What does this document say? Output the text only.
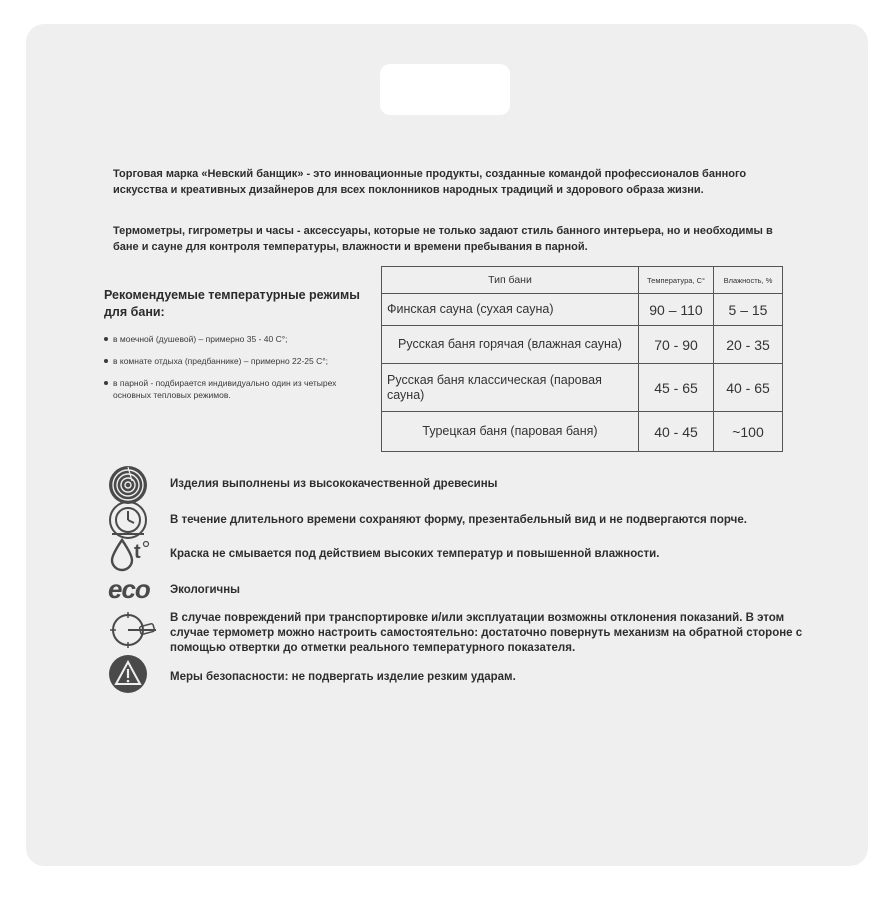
Торговая марка «Невский банщик» - это инновационные продукты, созданные командой профессионалов банного искусства и креативных дизайнеров для всех поклонников народных традиций и здорового образа жизни.

Термометры, гигрометры и часы - аксессуары, которые не только задают стиль банного интерьера, но и необходимы в бане и сауне для контроля температуры, влажности и времени пребывания в парной.

Рекомендуемые температурные режимы для бани:
в моечной (душевой) – примерно 35 - 40 С°;
в комнате отдыха (предбаннике) – примерно 22-25 С°;
в парной - подбирается индивидуально один из четырех основных тепловых режимов.
Тип бани	Температура, С°	Влажность, %
Финская сауна (сухая сауна)	90 – 110	5 – 15
Русская баня горячая (влажная сауна)	70 - 90	20 - 35
Русская баня классическая (паровая сауна)	45 - 65	40 - 65
Турецкая баня (паровая баня)	40 - 45	~100
Изделия выполнены из высококачественной древесины
В течение длительного времени сохраняют форму, презентабельный вид и не подвергаются порче.
t	Краска не смывается под действием высоких температур и повышенной влажности.
eco Экологичны
В случае повреждений при транспортировке и/или эксплуатации возможны отклонения показаний. В этом случае термометр можно настроить самостоятельно: достаточно повернуть механизм на обратной стороне с помощью отвертки до отметки реального температурного показателя.
Меры безопасности: не подвергать изделие резким ударам.
